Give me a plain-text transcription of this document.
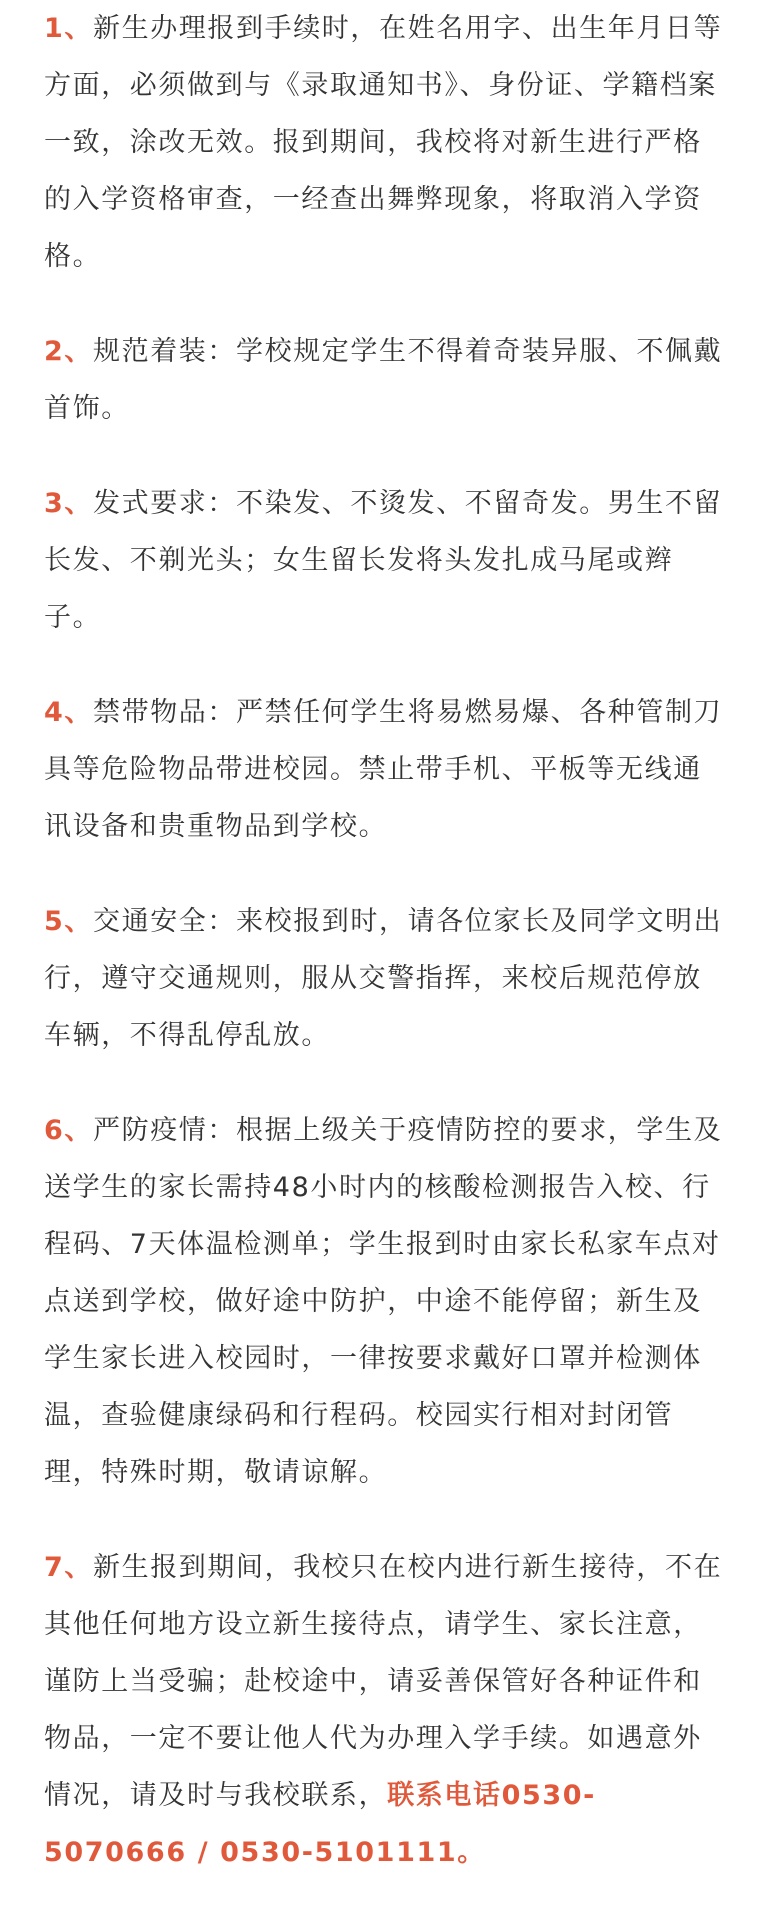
1、新生办理报到手续时，在姓名用字、出生年月日等方面，必须做到与《录取通知书》、身份证、学籍档案一致，涂改无效。报到期间，我校将对新生进行严格的入学资格审查，一经查出舞弊现象，将取消入学资格。

2、规范着装：学校规定学生不得着奇装异服、不佩戴首饰。

3、发式要求：不染发、不烫发、不留奇发。男生不留长发、不剃光头；女生留长发将头发扎成马尾或辫子。

4、禁带物品：严禁任何学生将易燃易爆、各种管制刀具等危险物品带进校园。禁止带手机、平板等无线通讯设备和贵重物品到学校。

5、交通安全：来校报到时，请各位家长及同学文明出行，遵守交通规则，服从交警指挥，来校后规范停放车辆，不得乱停乱放。

6、严防疫情：根据上级关于疫情防控的要求，学生及送学生的家长需持48小时内的核酸检测报告入校、行程码、7天体温检测单；学生报到时由家长私家车点对点送到学校，做好途中防护，中途不能停留；新生及学生家长进入校园时，一律按要求戴好口罩并检测体温，查验健康绿码和行程码。校园实行相对封闭管理，特殊时期，敬请谅解。

7、新生报到期间，我校只在校内进行新生接待，不在其他任何地方设立新生接待点，请学生、家长注意，谨防上当受骗；赴校途中，请妥善保管好各种证件和物品，一定不要让他人代为办理入学手续。如遇意外情况，请及时与我校联系，联系电话0530-5070666 / 0530-5101111。
